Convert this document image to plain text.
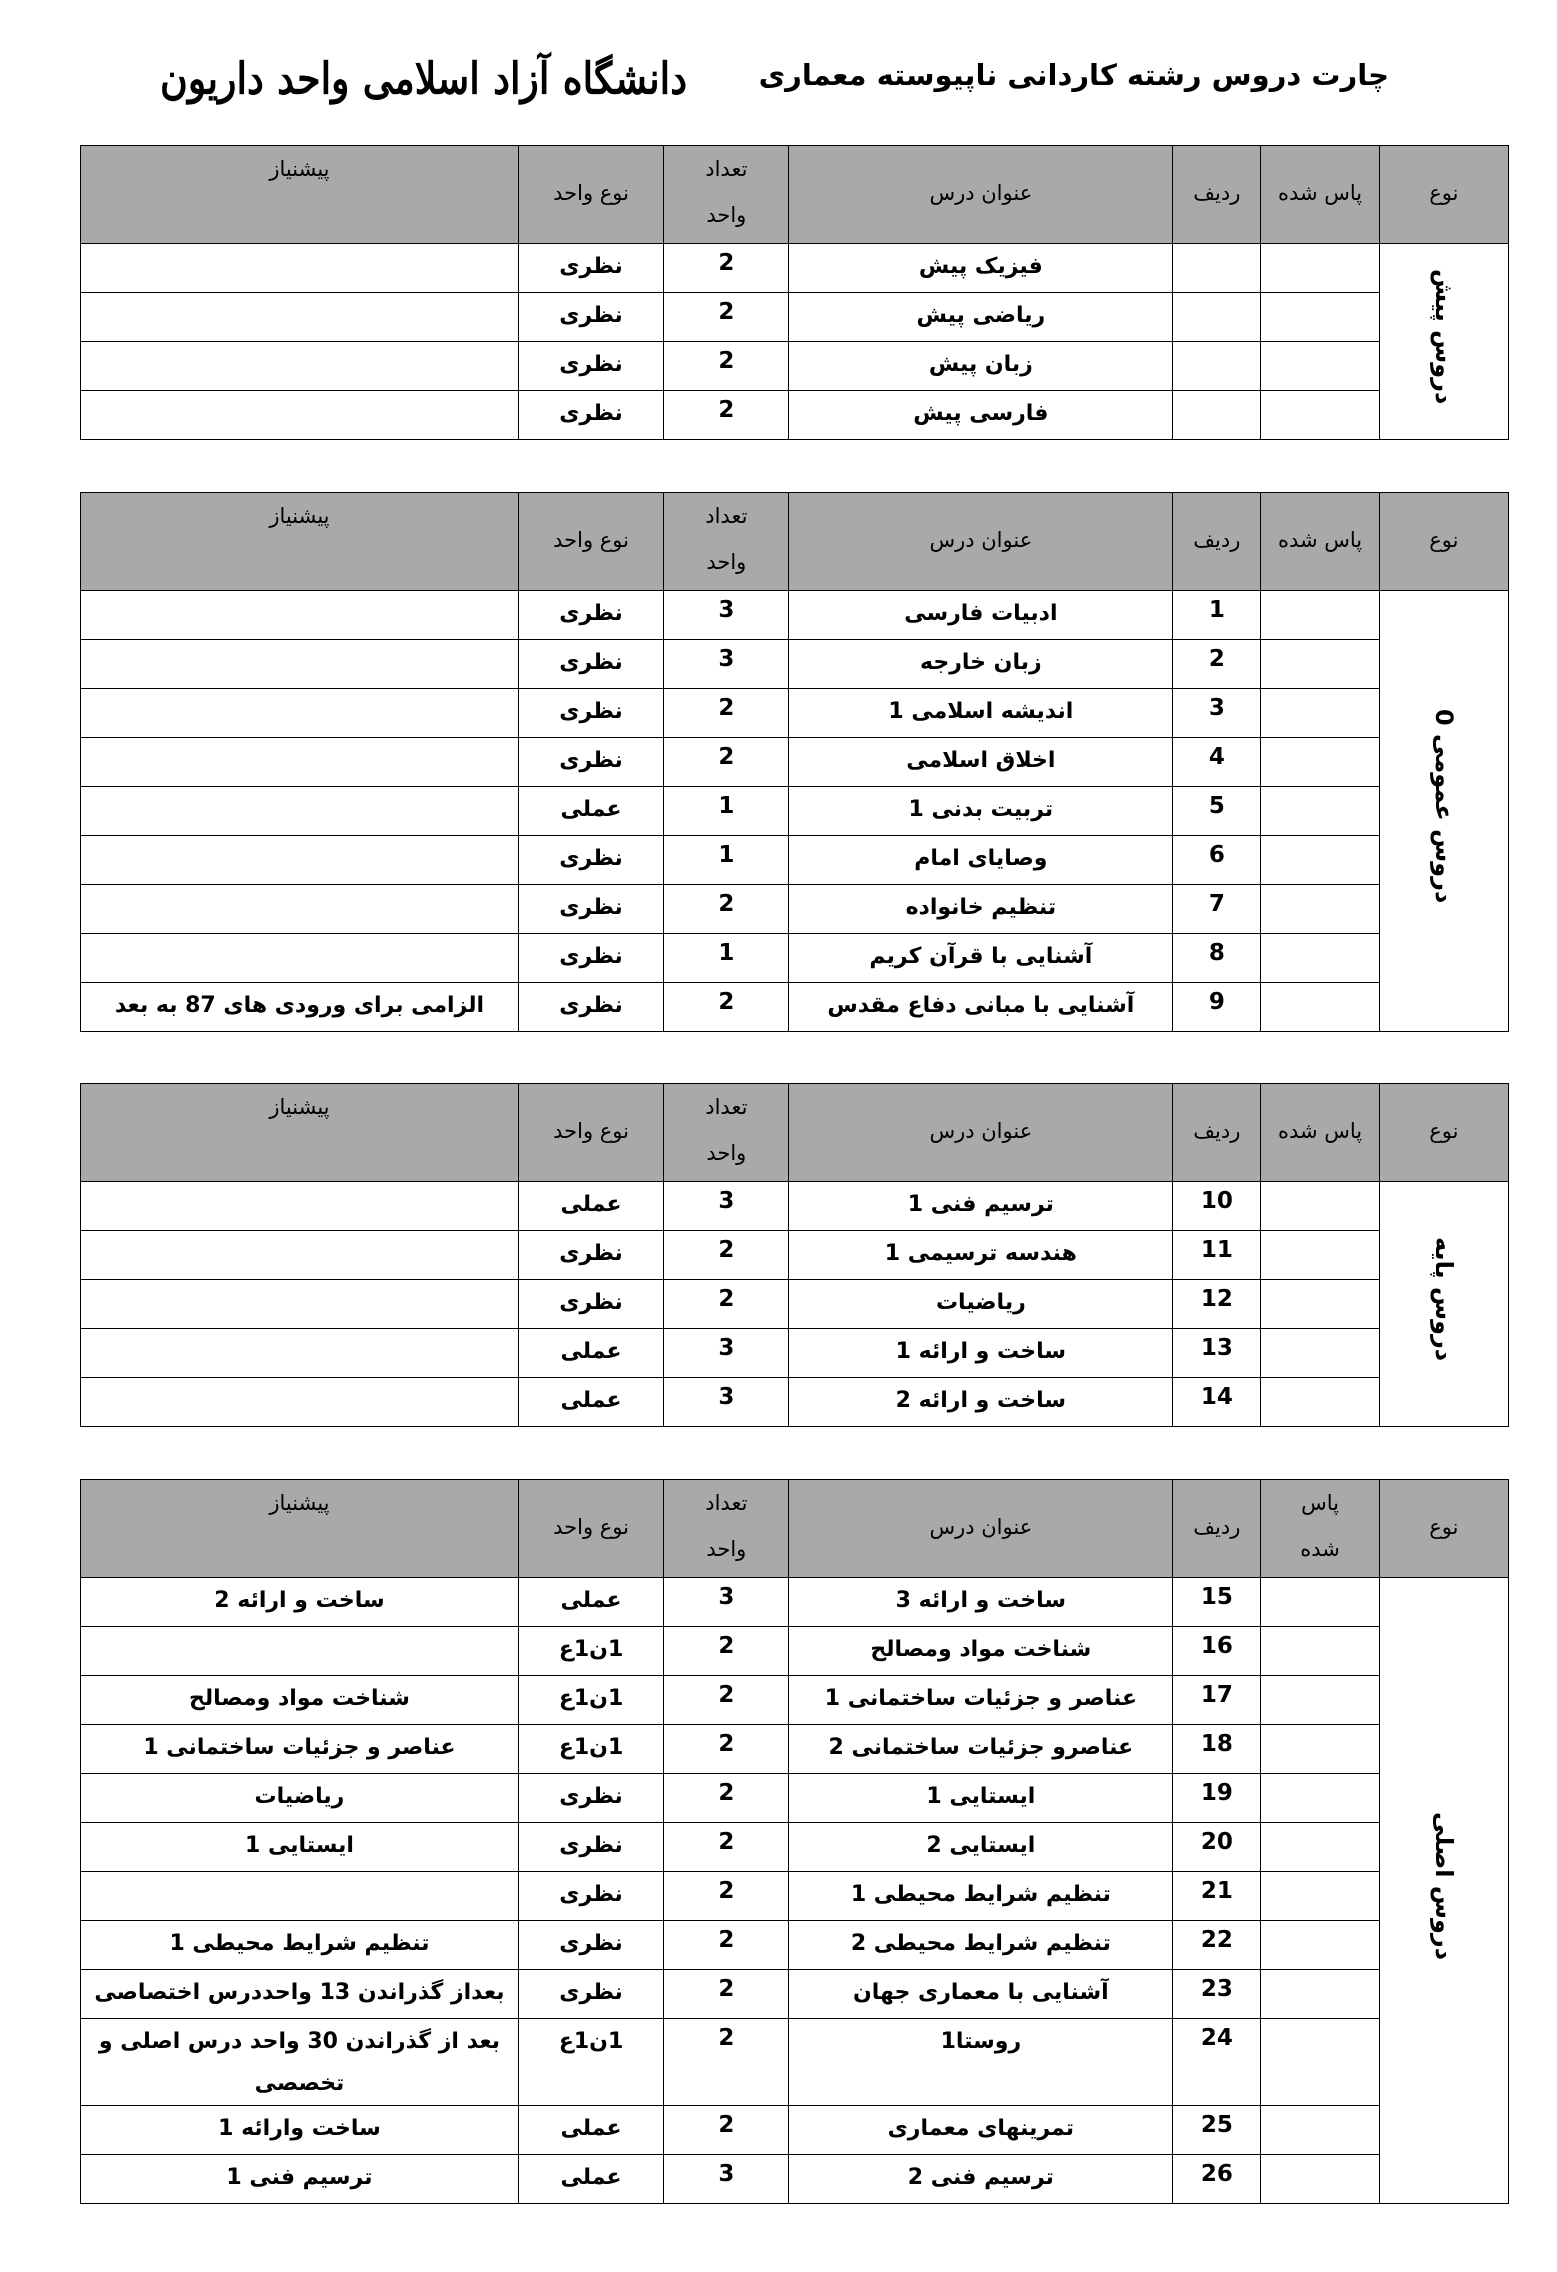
چارت دروس رشته کاردانی ناپیوسته معماری
دانشگاه آزاد اسلامی واحد داریون
پیشنیاز	نوع واحد	تعداد
واحد	عنوان درس	ردیف	پاس شده	نوع
	نظری	2	فیزیک پیش			دروس پیش
	نظری	2	ریاضی پیش			
	نظری	2	زبان پیش			
	نظری	2	فارسی پیش			
پیشنیاز	نوع واحد	تعداد
واحد	عنوان درس	ردیف	پاس شده	نوع
	نظری	3	ادبیات فارسی	1		دروس عمومی 0
	نظری	3	زبان خارجه	2		
	نظری	2	اندیشه اسلامی 1	3		
	نظری	2	اخلاق اسلامی	4		
	عملی	1	تربیت بدنی 1	5		
	نظری	1	وصایای امام	6		
	نظری	2	تنظیم خانواده	7		
	نظری	1	آشنایی با قرآن کریم	8		
الزامی برای ورودی های 87 به بعد	نظری	2	آشنایی با مبانی دفاع مقدس	9		
پیشنیاز	نوع واحد	تعداد
واحد	عنوان درس	ردیف	پاس شده	نوع
	عملی	3	ترسیم فنی 1	10		دروس پایه
	نظری	2	هندسه ترسیمی 1	11		
	نظری	2	ریاضیات	12		
	عملی	3	ساخت و ارائه 1	13		
	عملی	3	ساخت و ارائه 2	14		
پیشنیاز	نوع واحد	تعداد
واحد	عنوان درس	ردیف	پاس
شده	نوع
ساخت و ارائه 2	عملی	3	ساخت و ارائه 3	15		دروس اصلی
	1ن1ع	2	شناخت مواد ومصالح	16		
شناخت مواد ومصالح	1ن1ع	2	عناصر و جزئیات ساختمانی 1	17		
عناصر و جزئیات ساختمانی 1	1ن1ع	2	عناصرو جزئیات ساختمانی 2	18		
ریاضیات	نظری	2	ایستایی 1	19		
ایستایی 1	نظری	2	ایستایی 2	20		
	نظری	2	تنظیم شرایط محیطی 1	21		
تنظیم شرایط محیطی 1	نظری	2	تنظیم شرایط محیطی 2	22		
بعداز گذراندن 13 واحددرس اختصاصی	نظری	2	آشنایی با معماری جهان	23		
بعد از گذراندن 30 واحد درس اصلی و تخصصی	1ن1ع	2	روستا1	24		
ساخت وارائه 1	عملی	2	تمرینهای معماری	25		
ترسیم فنی 1	عملی	3	ترسیم فنی 2	26		
